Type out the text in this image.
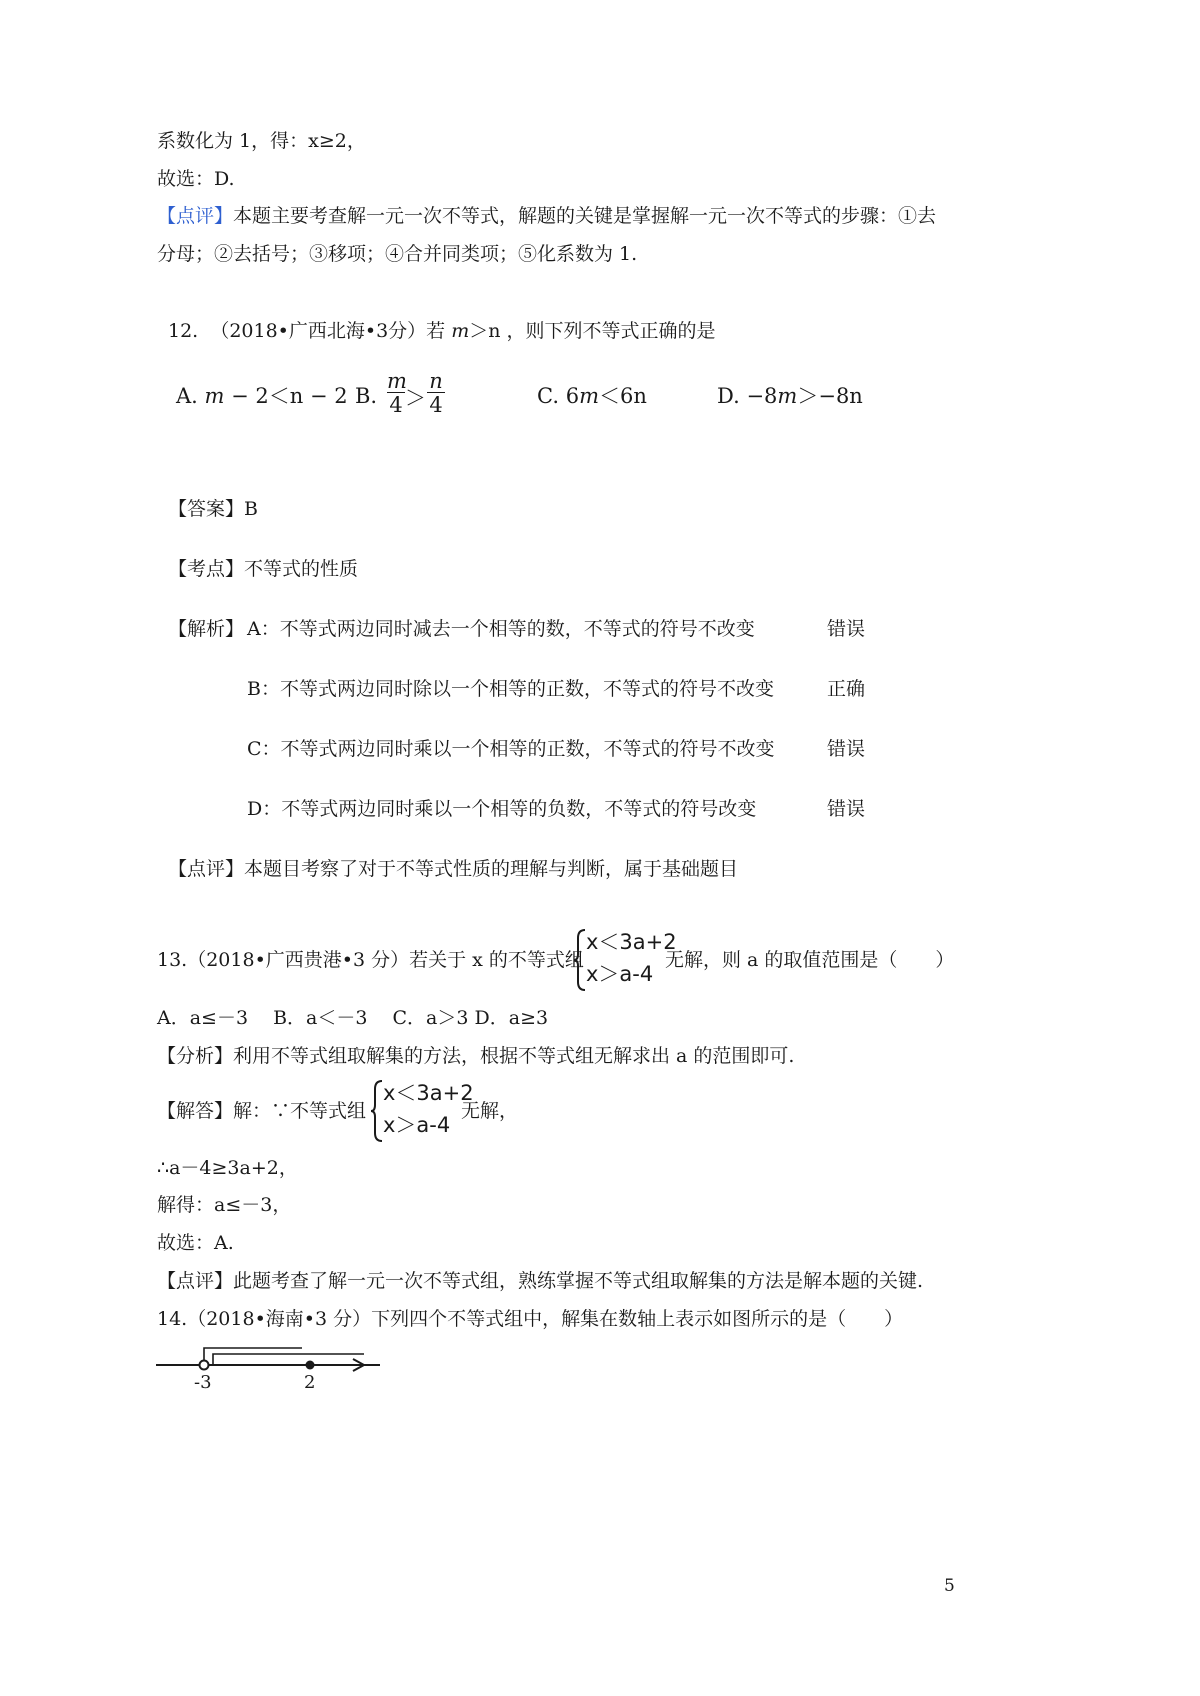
系数化为 1，得：x≥2，
故选：D.
【点评】本题主要考查解一元一次不等式，解题的关键是掌握解一元一次不等式的步骤：①去
分母；②去括号；③移项；④合并同类项；⑤化系数为 1.
12. （2018•广西北海•3分）若 m＞n ，则下列不等式正确的是
A. m − 2＜n − 2 B.
m
4 ＞
n
4	C. 6m＜6n	D. −8m＞−8n
【答案】B
【考点】不等式的性质
【解析】 A：不等式两边同时减去一个相等的数，不等式的符号不改变	错误
B：不等式两边同时除以一个相等的正数，不等式的符号不改变	正确
C：不等式两边同时乘以一个相等的正数，不等式的符号不改变	错误
D：不等式两边同时乘以一个相等的负数，不等式的符号改变	错误
【点评】本题目考察了对于不等式性质的理解与判断，属于基础题目
13.（2018•广西贵港•3 分）若关于 x 的不等式组
x＜3a+2
x＞a-4
无解，则 a 的取值范围是（　　）
A．a≤－3　 B．a＜－3　 C．a＞3 D．a≥3
【分析】利用不等式组取解集的方法，根据不等式组无解求出 a 的范围即可.
【解答】解：∵不等式组
x＜3a+2
x＞a-4
无解，
∴a－4≥3a+2，
解得：a≤－3，
故选：A.
【点评】此题考查了解一元一次不等式组，熟练掌握不等式组取解集的方法是解本题的关键.
14.（2018•海南•3 分）下列四个不等式组中，解集在数轴上表示如图所示的是（　　）
-3	2
5
